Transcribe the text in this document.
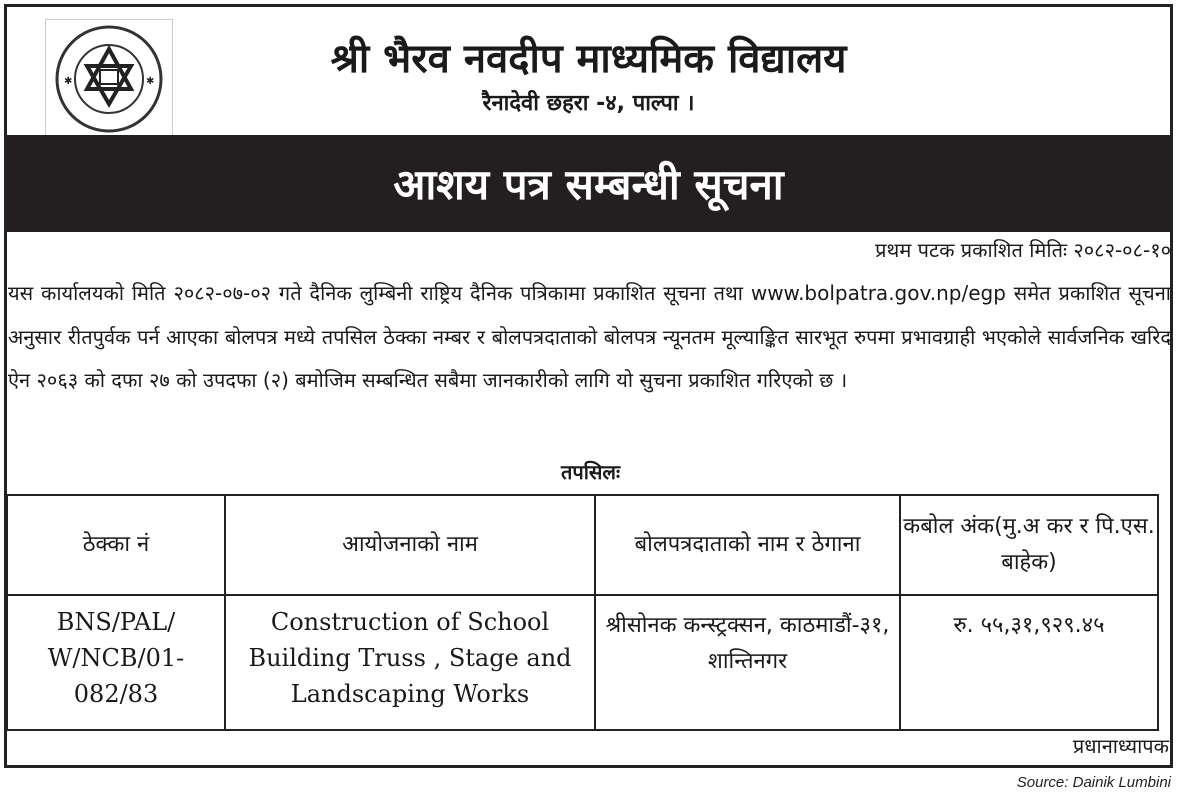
✱	✱	श्री भैरव नवदीप माध्यमिक विद्यालय
रैनादेवी छहरा -४, पाल्पा ।
आशय पत्र सम्बन्धी सूचना
प्रथम पटक प्रकाशित मितिः २०८२-०८-१०
यस कार्यालयको मिति २०८२-०७-०२ गते दैनिक लुम्बिनी राष्ट्रिय दैनिक पत्रिकामा प्रकाशित सूचना तथा www.bolpatra.gov.np/egp समेत प्रकाशित सूचना अनुसार रीतपुर्वक पर्न आएका बोलपत्र मध्ये तपसिल ठेक्का नम्बर र बोलपत्रदाताको बोलपत्र न्यूनतम मूल्याङ्कित सारभूत रुपमा प्रभावग्राही भएकोले सार्वजनिक खरिद ऐन २०६३ को दफा २७ को उपदफा (२) बमोजिम सम्बन्धित सबैमा जानकारीको लागि यो सुचना प्रकाशित गरिएको छ ।
तपसिलः
ठेक्का नं	आयोजनाको नाम	बोलपत्रदाताको नाम र ठेगाना	कबोल अंक(मु.अ कर र पि.एस. बाहेक)
BNS/PAL/ W/NCB/01- 082/83	Construction of School Building Truss , Stage and Landscaping Works	श्रीसोनक कन्स्ट्रक्सन, काठमाडौं-३१, शान्तिनगर	रु. ५५,३१,९२९.४५
प्रधानाध्यापक
Source: Dainik Lumbini
